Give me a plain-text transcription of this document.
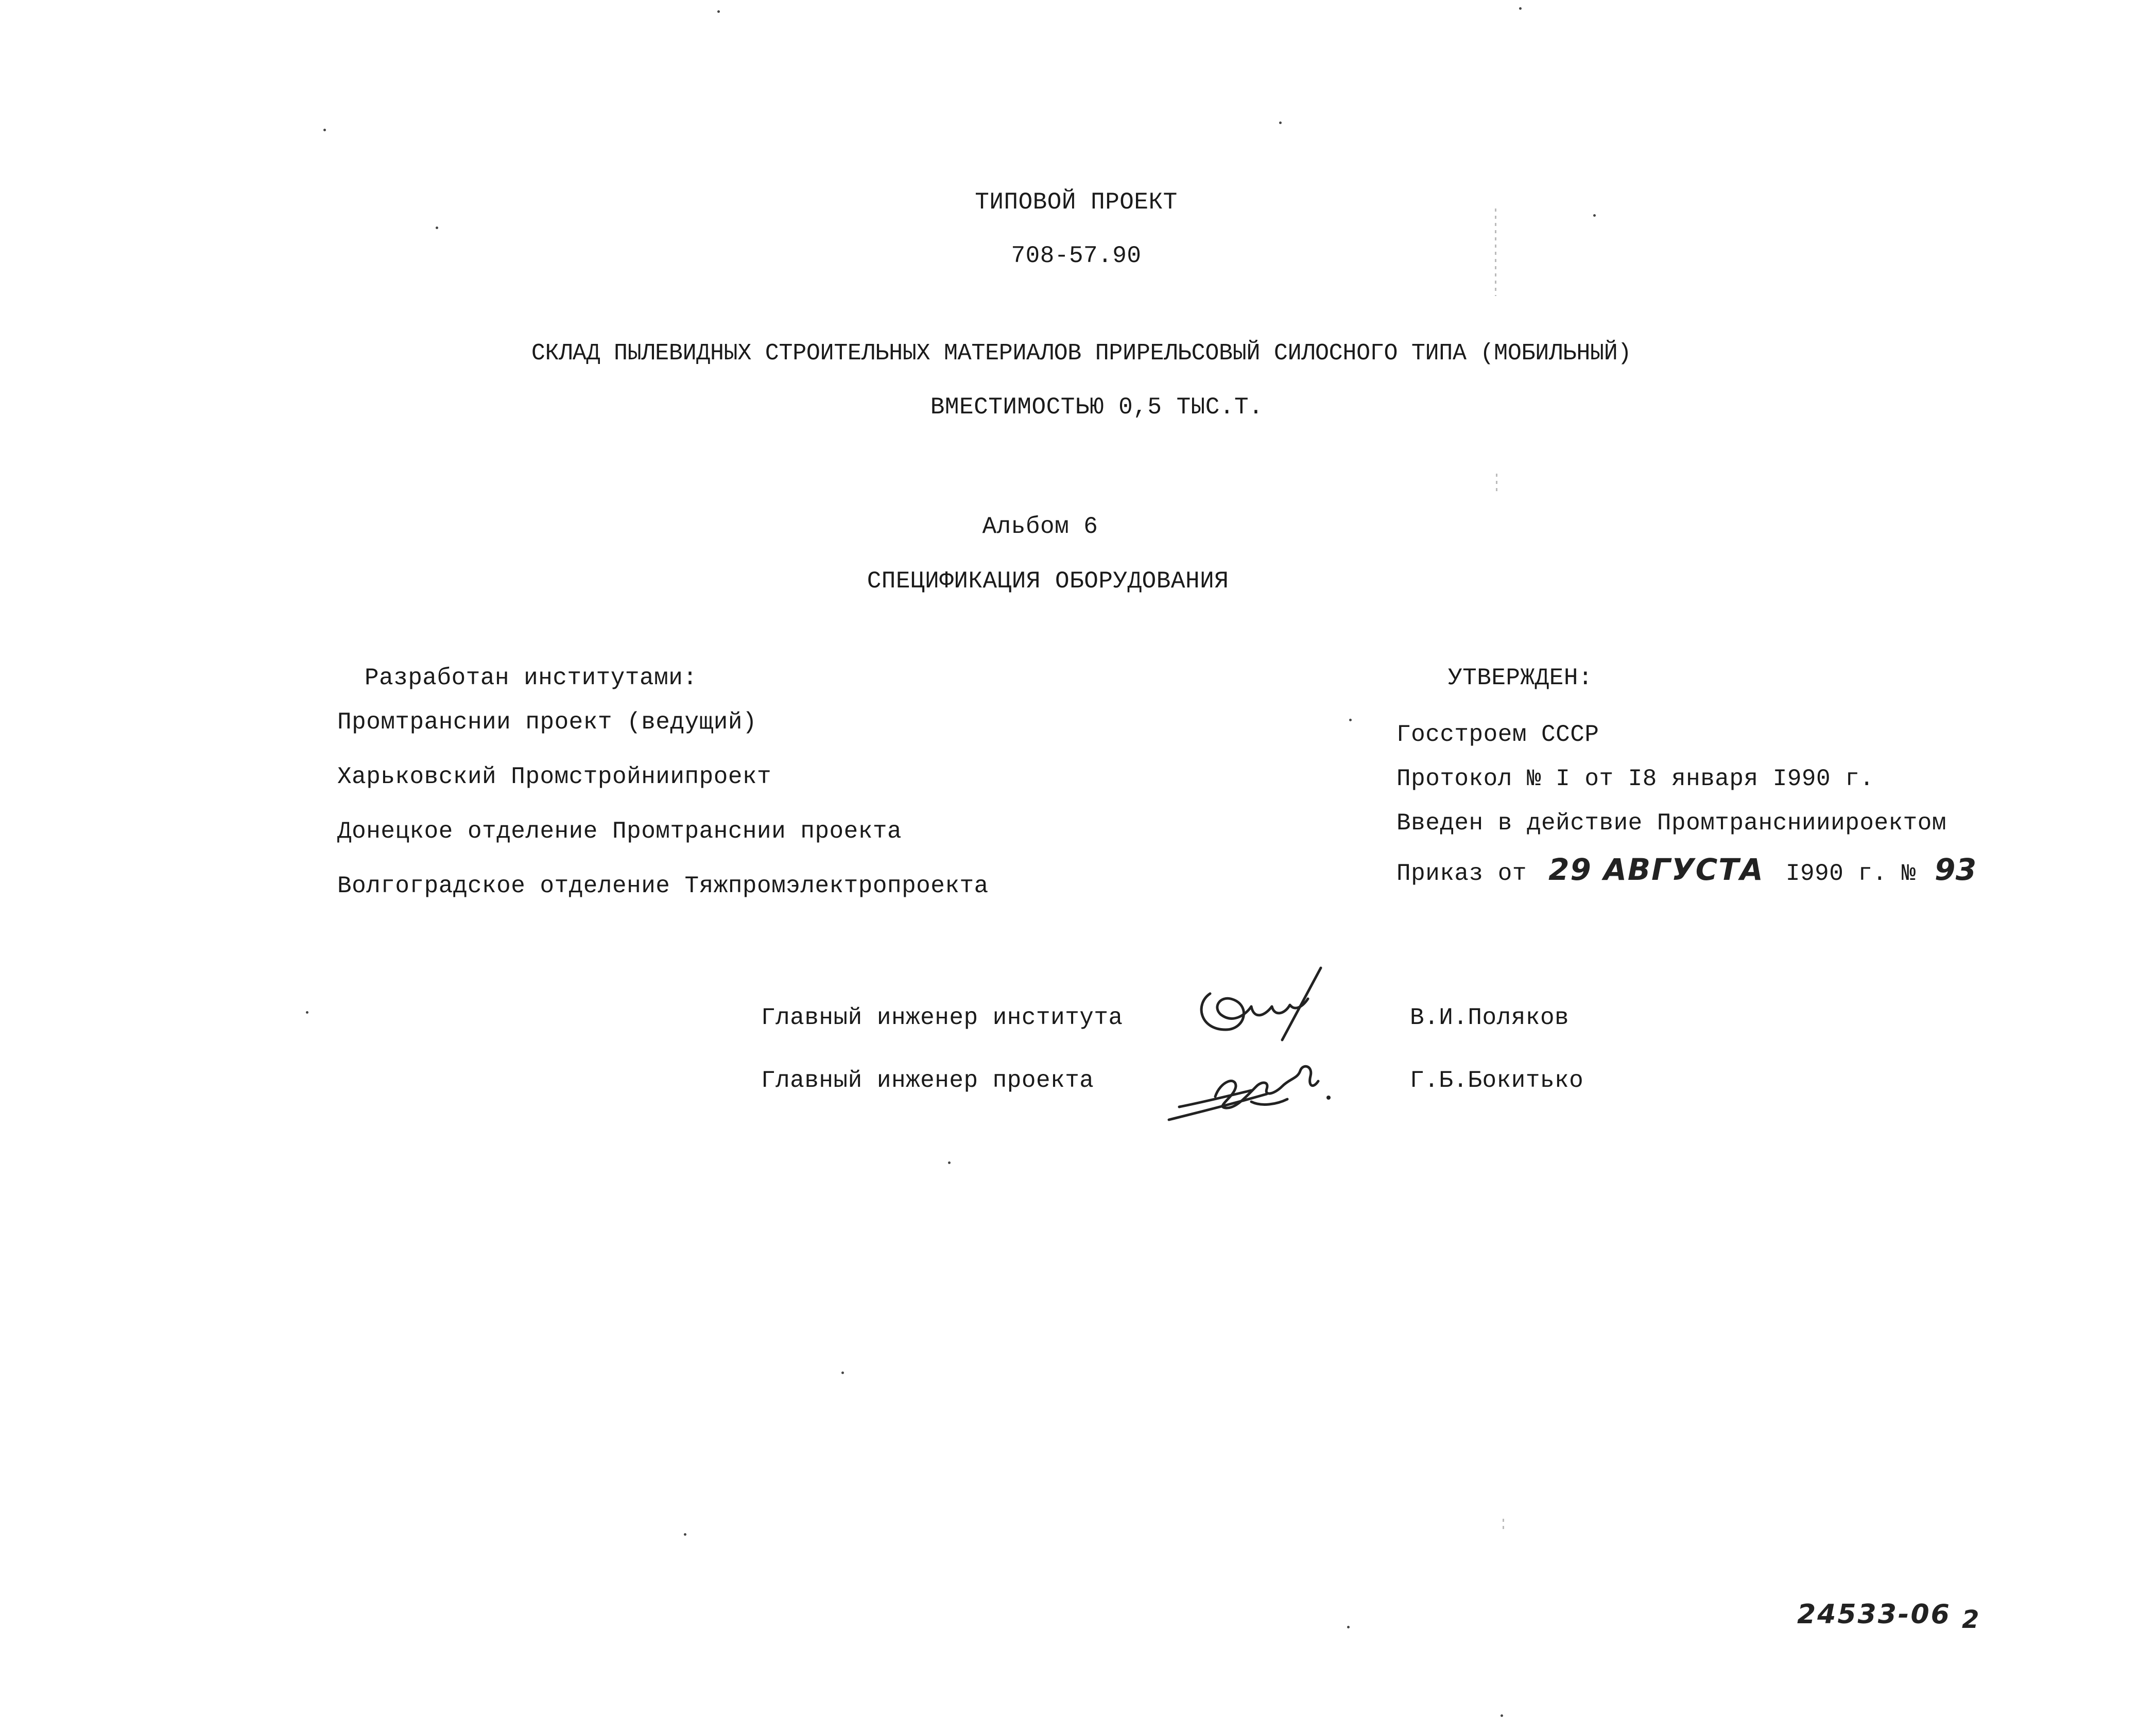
ТИПОВОЙ ПРОЕКТ
708-57.90
СКЛАД ПЫЛЕВИДНЫХ СТРОИТЕЛЬНЫХ МАТЕРИАЛОВ ПРИРЕЛЬСОВЫЙ СИЛОСНОГО ТИПА (МОБИЛЬНЫЙ)
ВМЕСТИМОСТЬЮ 0,5 ТЫС.Т.
Альбом 6
СПЕЦИФИКАЦИЯ ОБОРУДОВАНИЯ
Разработан институтами:
Промтранснии проект (ведущий)
Харьковский Промстройниипроект
Донецкое отделение Промтранснии проекта
Волгоградское отделение Тяжпромэлектропроекта
УТВЕРЖДЕН:
Госстроем СССР
Протокол № I от I8 января I990 г.
Введен в действие Промтранснииироектом
Приказ от 29 АВГУСТА I990 г. № 93
Главный инженер института	В.И.Поляков
Главный инженер проекта	Г.Б.Бокитько
24533-06 2
